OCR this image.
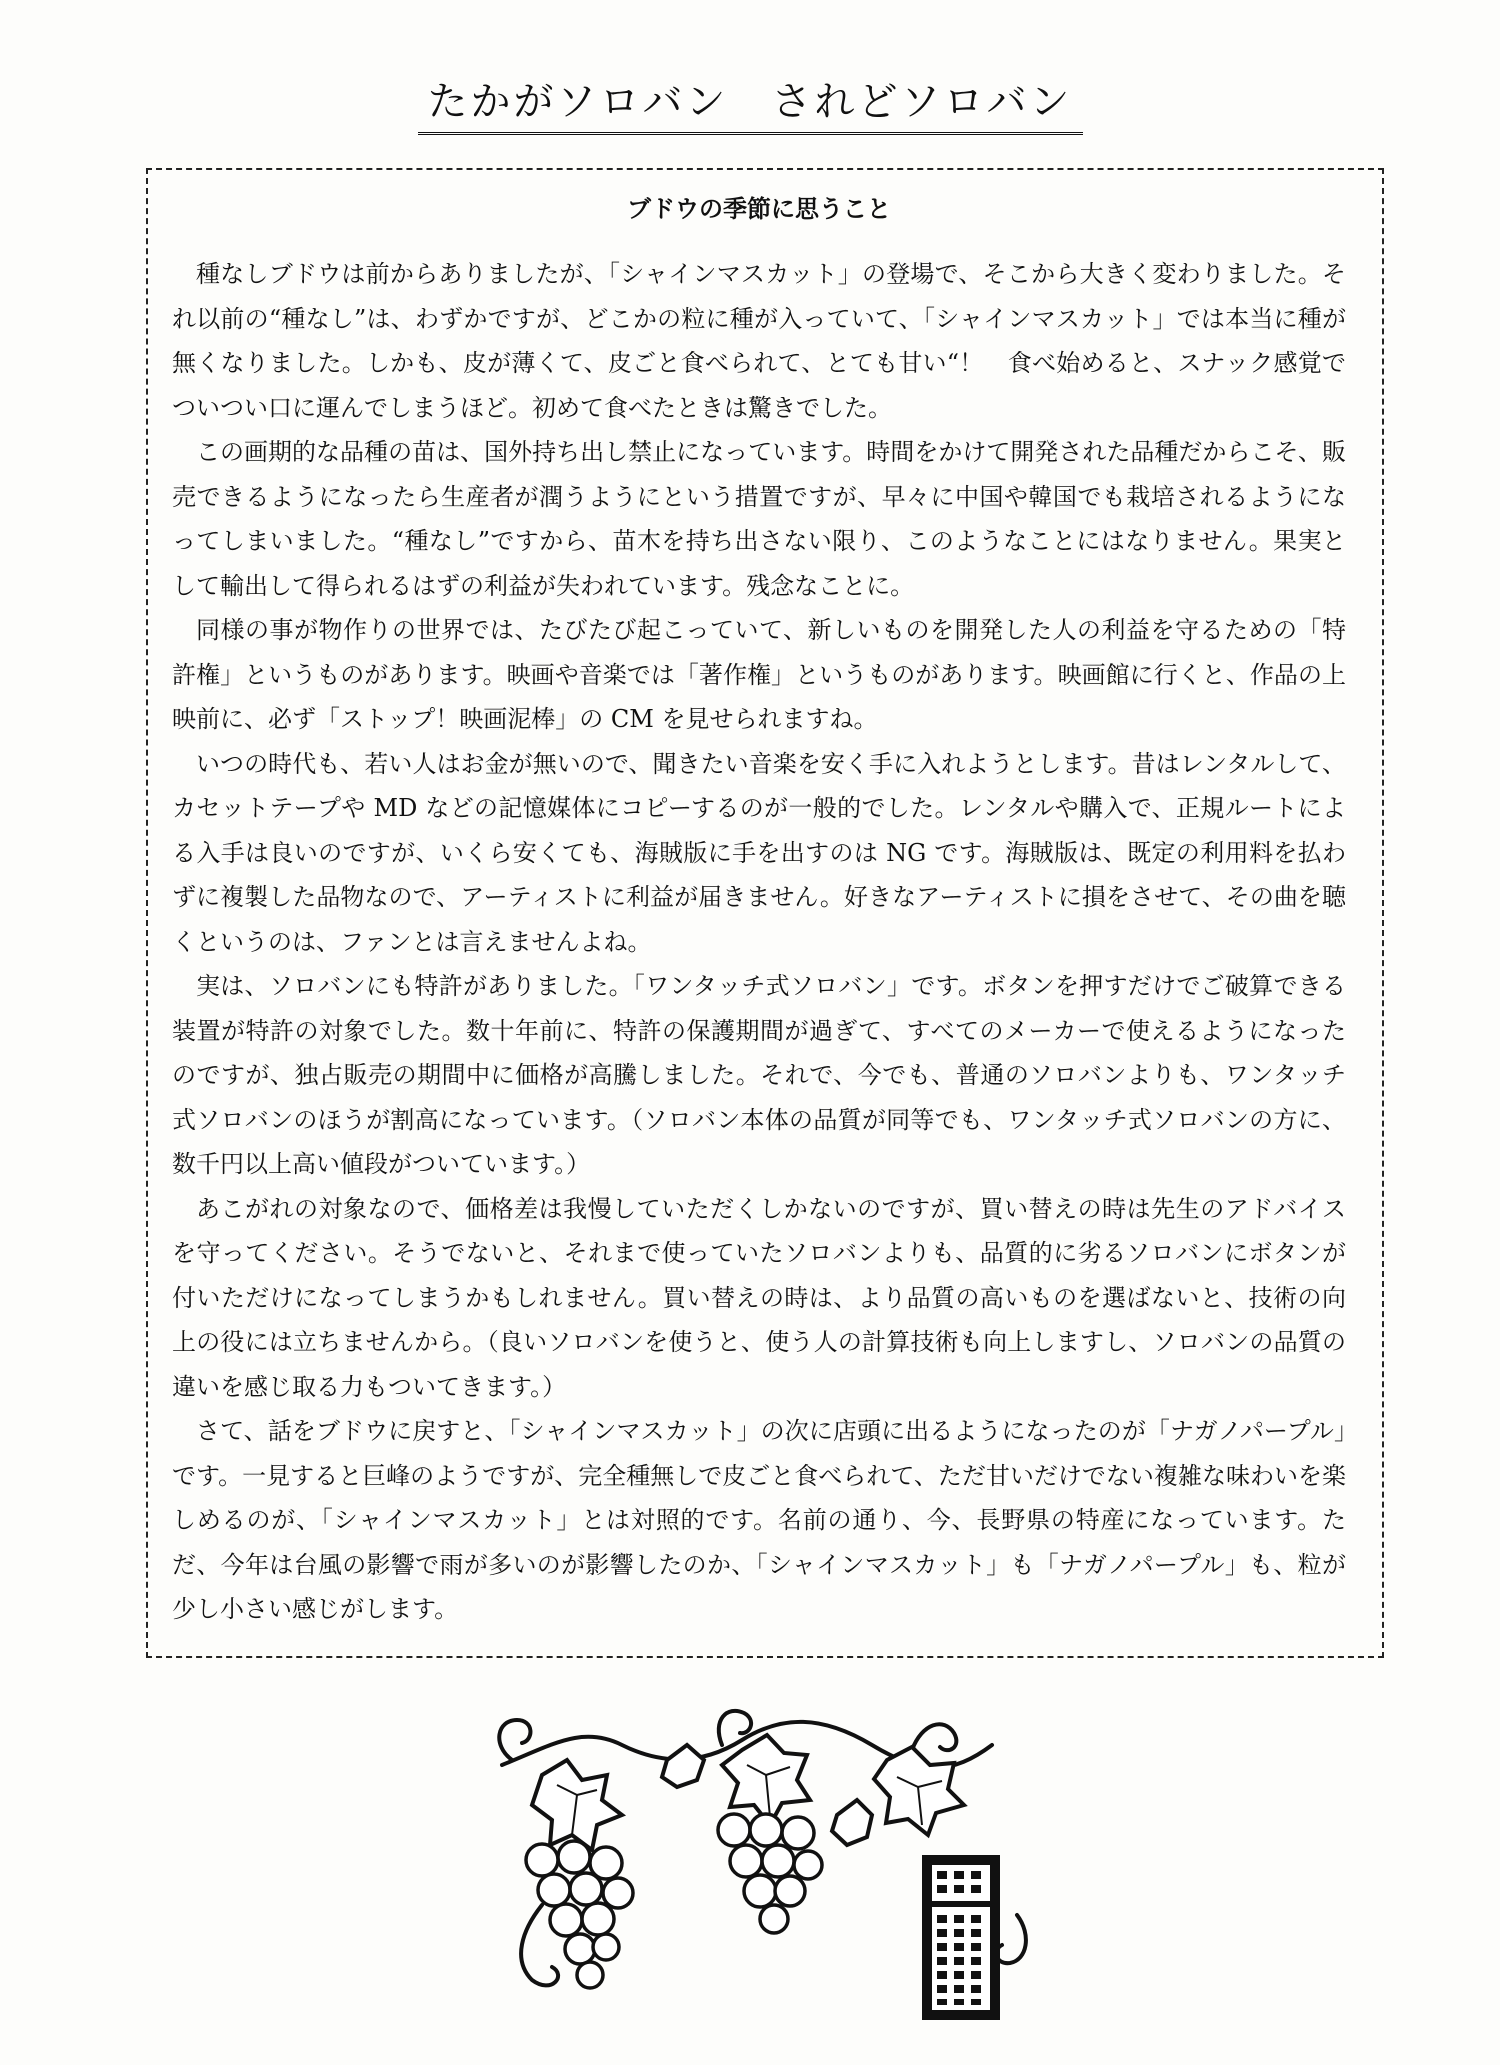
たかがソロバン　されどソロバン
ブドウの季節に思うこと

種なしブドウは前からありましたが、「シャインマスカット」の登場で、そこから大きく変わりました。それ以前の“種なし”は、わずかですが、どこかの粒に種が入っていて、「シャインマスカット」では本当に種が無くなりました。しかも、皮が薄くて、皮ごと食べられて、とても甘い“！　食べ始めると、スナック感覚でついつい口に運んでしまうほど。初めて食べたときは驚きでした。

この画期的な品種の苗は、国外持ち出し禁止になっています。時間をかけて開発された品種だからこそ、販売できるようになったら生産者が潤うようにという措置ですが、早々に中国や韓国でも栽培されるようになってしまいました。“種なし”ですから、苗木を持ち出さない限り、このようなことにはなりません。果実として輸出して得られるはずの利益が失われています。残念なことに。

同様の事が物作りの世界では、たびたび起こっていて、新しいものを開発した人の利益を守るための「特許権」というものがあります。映画や音楽では「著作権」というものがあります。映画館に行くと、作品の上映前に、必ず「ストップ！映画泥棒」の CM を見せられますね。

いつの時代も、若い人はお金が無いので、聞きたい音楽を安く手に入れようとします。昔はレンタルして、カセットテープや MD などの記憶媒体にコピーするのが一般的でした。レンタルや購入で、正規ルートによる入手は良いのですが、いくら安くても、海賊版に手を出すのは NG です。海賊版は、既定の利用料を払わずに複製した品物なので、アーティストに利益が届きません。好きなアーティストに損をさせて、その曲を聴くというのは、ファンとは言えませんよね。

実は、ソロバンにも特許がありました。「ワンタッチ式ソロバン」です。ボタンを押すだけでご破算できる装置が特許の対象でした。数十年前に、特許の保護期間が過ぎて、すべてのメーカーで使えるようになったのですが、独占販売の期間中に価格が高騰しました。それで、今でも、普通のソロバンよりも、ワンタッチ式ソロバンのほうが割高になっています。（ソロバン本体の品質が同等でも、ワンタッチ式ソロバンの方に、数千円以上高い値段がついています。）

あこがれの対象なので、価格差は我慢していただくしかないのですが、買い替えの時は先生のアドバイスを守ってください。そうでないと、それまで使っていたソロバンよりも、品質的に劣るソロバンにボタンが付いただけになってしまうかもしれません。買い替えの時は、より品質の高いものを選ばないと、技術の向上の役には立ちませんから。（良いソロバンを使うと、使う人の計算技術も向上しますし、ソロバンの品質の違いを感じ取る力もついてきます。）

さて、話をブドウに戻すと、「シャインマスカット」の次に店頭に出るようになったのが「ナガノパープル」です。一見すると巨峰のようですが、完全種無しで皮ごと食べられて、ただ甘いだけでない複雑な味わいを楽しめるのが、「シャインマスカット」とは対照的です。名前の通り、今、長野県の特産になっています。ただ、今年は台風の影響で雨が多いのが影響したのか、「シャインマスカット」も「ナガノパープル」も、粒が少し小さい感じがします。
